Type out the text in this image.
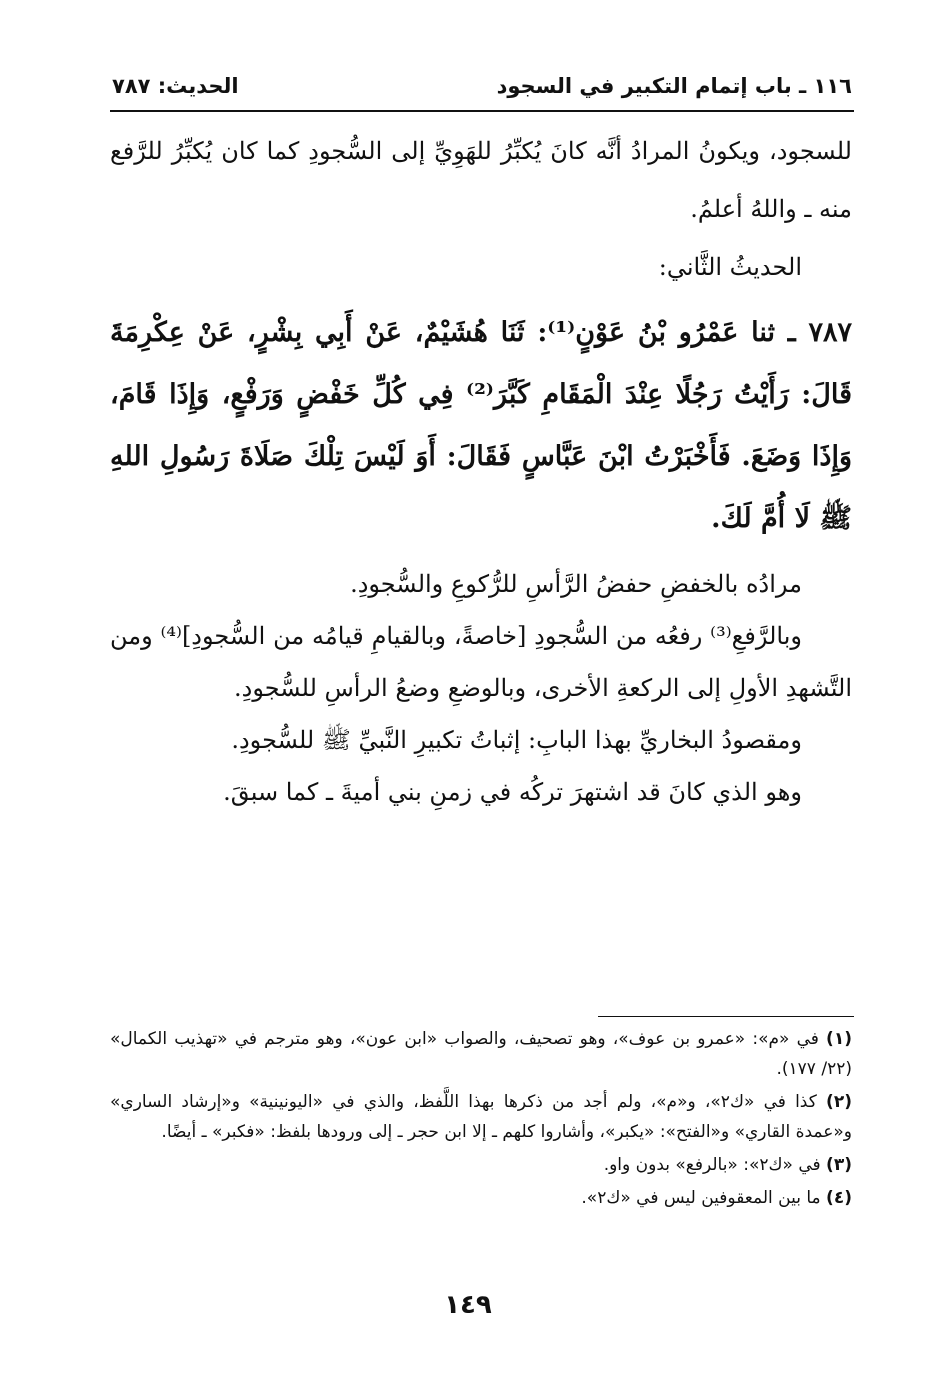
١١٦ ـ باب إتمام التكبير في السجود
الحديث: ٧٨٧

للسجود، ويكونُ المرادُ أنَّه كانَ يُكبِّرُ للهَوِيِّ إلى السُّجودِ كما كان يُكبِّرُ للرَّفع منه ـ واللهُ أعلمُ.

الحديثُ الثَّاني:

٧٨٧ ـ ثنا عَمْرُو بْنُ عَوْنٍ⁽¹⁾: ثَنَا هُشَيْمٌ، عَنْ أَبِي بِشْرٍ، عَنْ عِكْرِمَةَ قَالَ: رَأَيْتُ رَجُلًا عِنْدَ الْمَقَامِ كَبَّرَ⁽²⁾ فِي كُلِّ خَفْضٍ وَرَفْعٍ، وَإِذَا قَامَ، وَإِذَا وَضَعَ. فَأَخْبَرْتُ ابْنَ عَبَّاسٍ فَقَالَ: أَوَ لَيْسَ تِلْكَ صَلَاةَ رَسُولِ اللهِ ﷺ لَا أُمَّ لَكَ.

مرادُه بالخفضِ حفضُ الرَّأسِ للرُّكوعِ والسُّجودِ.

وبالرَّفعِ⁽³⁾ رفعُه من السُّجودِ [خاصةً، وبالقيامِ قيامُه من السُّجودِ]⁽⁴⁾ ومن التَّشهدِ الأولِ إلى الركعةِ الأخرى، وبالوضعِ وضعُ الرأسِ للسُّجودِ.

ومقصودُ البخاريِّ بهذا البابِ: إثباتُ تكبيرِ النَّبيِّ ﷺ للسُّجودِ.

وهو الذي كانَ قد اشتهرَ تركُه في زمنِ بني أميةَ ـ كما سبقَ.

(١) في «م»: «عمرو بن عوف»، وهو تصحيف، والصواب «ابن عون»، وهو مترجم في «تهذيب الكمال» (٢٢/ ١٧٧).

(٢) كذا في «ك٢»، و«م»، ولم أجد من ذكرها بهذا اللَّفظ، والذي في «اليونينية» و«إرشاد الساري» و«عمدة القاري» و«الفتح»: «يكبر»، وأشاروا كلهم ـ إلا ابن حجر ـ إلى ورودها بلفظ: «فكبر» ـ أيضًا.

(٣) في «ك٢»: «بالرفع» بدون واو.

(٤) ما بين المعقوفين ليس في «ك٢».

١٤٩
